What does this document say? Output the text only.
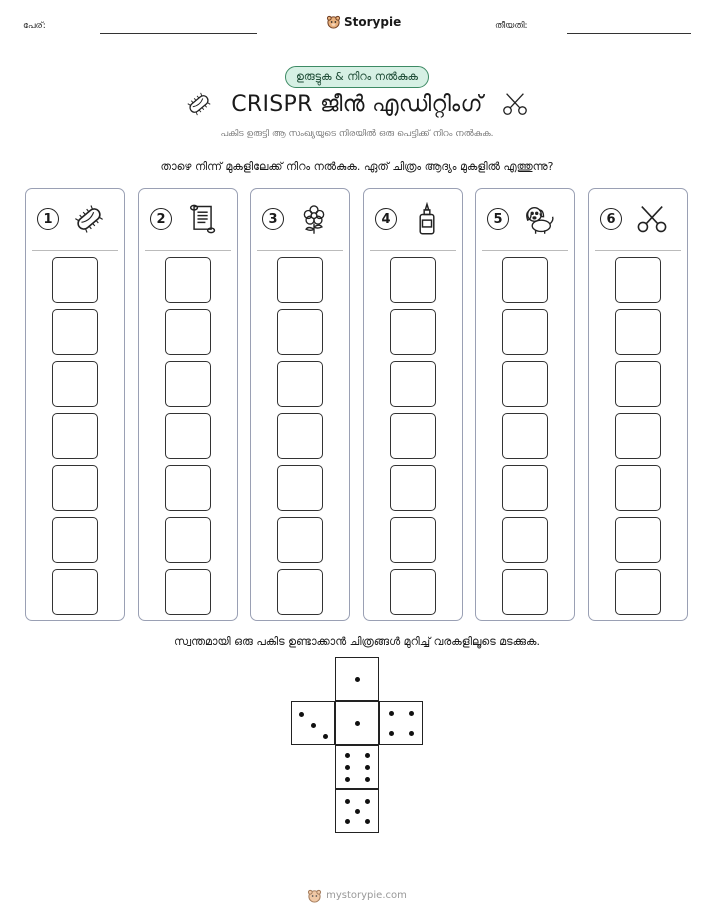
പേര്:	Storypie	തീയതി:
ഉരുട്ടുക & നിറം നൽകുക
CRISPR ജീൻ എഡിറ്റിംഗ്
പകിട ഉരുട്ടി ആ സംഖ്യയുടെ നിരയിൽ ഒരു പെട്ടിക്ക് നിറം നൽകുക.
താഴെ നിന്ന് മുകളിലേക്ക് നിറം നൽകുക. ഏത് ചിത്രം ആദ്യം മുകളിൽ എത്തുന്നു?
1	2	3	4	5	6
സ്വന്തമായി ഒരു പകിട ഉണ്ടാക്കാൻ ചിത്രങ്ങൾ മുറിച്ച് വരകളിലൂടെ മടക്കുക.
mystorypie.com
